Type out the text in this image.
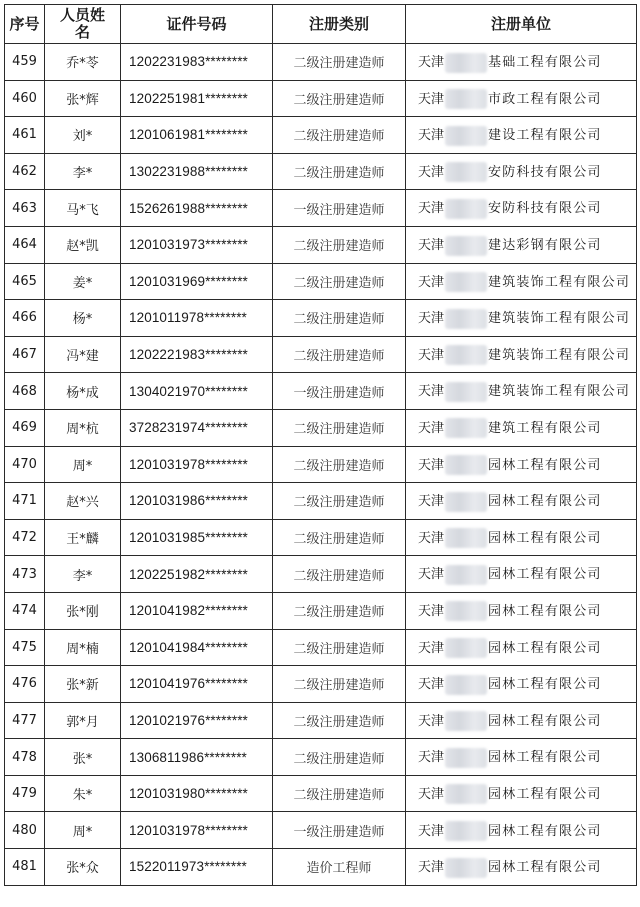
序号	人员姓名	证件号码	注册类别	注册单位
459	乔*苓	1202231983********	二级注册建造师	天津 基础工程有限公司
460	张*辉	1202251981********	二级注册建造师	天津 市政工程有限公司
461	刘*	1201061981********	二级注册建造师	天津 建设工程有限公司
462	李*	1302231988********	二级注册建造师	天津 安防科技有限公司
463	马*飞	1526261988********	一级注册建造师	天津 安防科技有限公司
464	赵*凯	1201031973********	二级注册建造师	天津 建达彩钢有限公司
465	姜*	1201031969********	二级注册建造师	天津 建筑装饰工程有限公司
466	杨*	1201011978********	二级注册建造师	天津 建筑装饰工程有限公司
467	冯*建	1202221983********	二级注册建造师	天津 建筑装饰工程有限公司
468	杨*成	1304021970********	一级注册建造师	天津 建筑装饰工程有限公司
469	周*杭	3728231974********	二级注册建造师	天津 建筑工程有限公司
470	周*	1201031978********	二级注册建造师	天津 园林工程有限公司
471	赵*兴	1201031986********	二级注册建造师	天津 园林工程有限公司
472	王*麟	1201031985********	二级注册建造师	天津 园林工程有限公司
473	李*	1202251982********	二级注册建造师	天津 园林工程有限公司
474	张*刚	1201041982********	二级注册建造师	天津 园林工程有限公司
475	周*楠	1201041984********	二级注册建造师	天津 园林工程有限公司
476	张*新	1201041976********	二级注册建造师	天津 园林工程有限公司
477	郭*月	1201021976********	二级注册建造师	天津 园林工程有限公司
478	张*	1306811986********	二级注册建造师	天津 园林工程有限公司
479	朱*	1201031980********	二级注册建造师	天津 园林工程有限公司
480	周*	1201031978********	一级注册建造师	天津 园林工程有限公司
481	张*众	1522011973********	造价工程师	天津 园林工程有限公司
